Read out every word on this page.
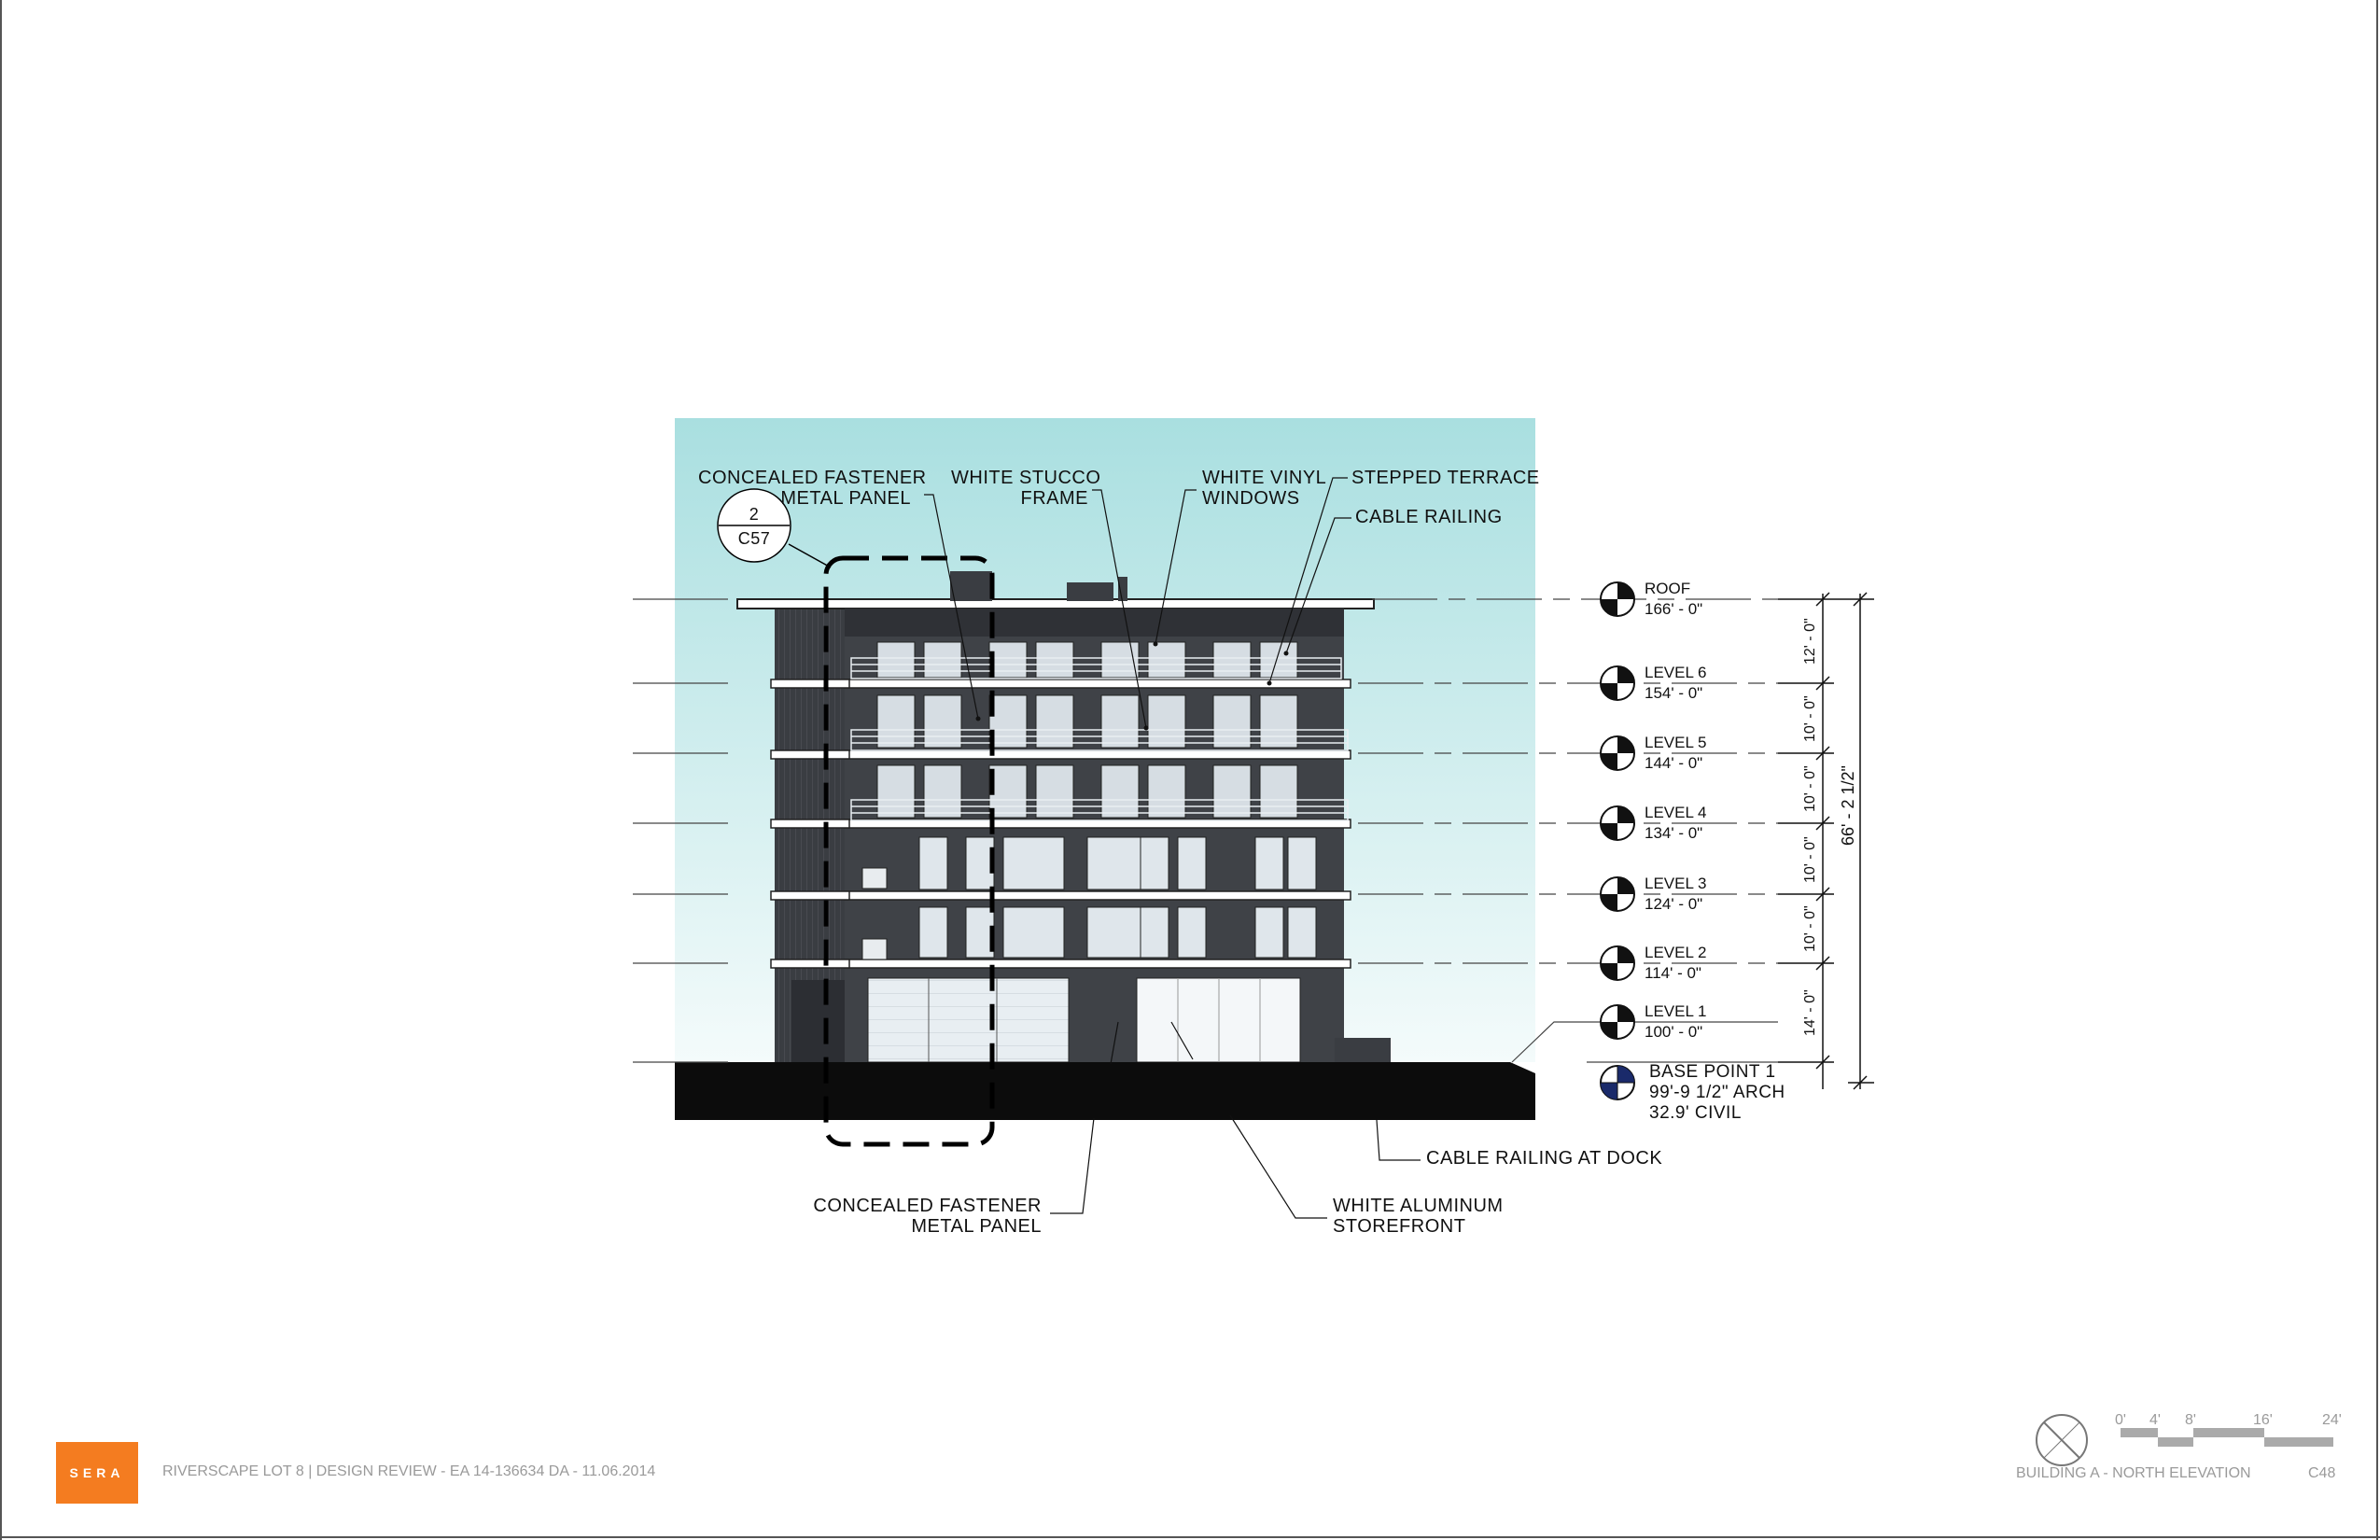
ROOF
166' - 0"
LEVEL 6
154' - 0"
LEVEL 5
144' - 0"
LEVEL 4
134' - 0"
LEVEL 3
124' - 0"
LEVEL 2
114' - 0"
LEVEL 1
100' - 0"
BASE POINT 1
99'-9 1/2" ARCH
32.9' CIVIL
12' - 0"
10' - 0"
10' - 0"
10' - 0"
10' - 0"
14' - 0"
66' - 2 1/2"
2
C57
CONCEALED FASTENER
METAL PANEL
WHITE STUCCO
FRAME
WHITE VINYL
WINDOWS
STEPPED TERRACE
CABLE RAILING
CONCEALED FASTENER
METAL PANEL
CABLE RAILING AT DOCK
WHITE ALUMINUM
STOREFRONT
0' 4' 8'	16'	24'
SERA	RIVERSCAPE LOT 8 | DESIGN REVIEW - EA 14-136634 DA - 11.06.2014	BUILDING A - NORTH ELEVATION	C48
